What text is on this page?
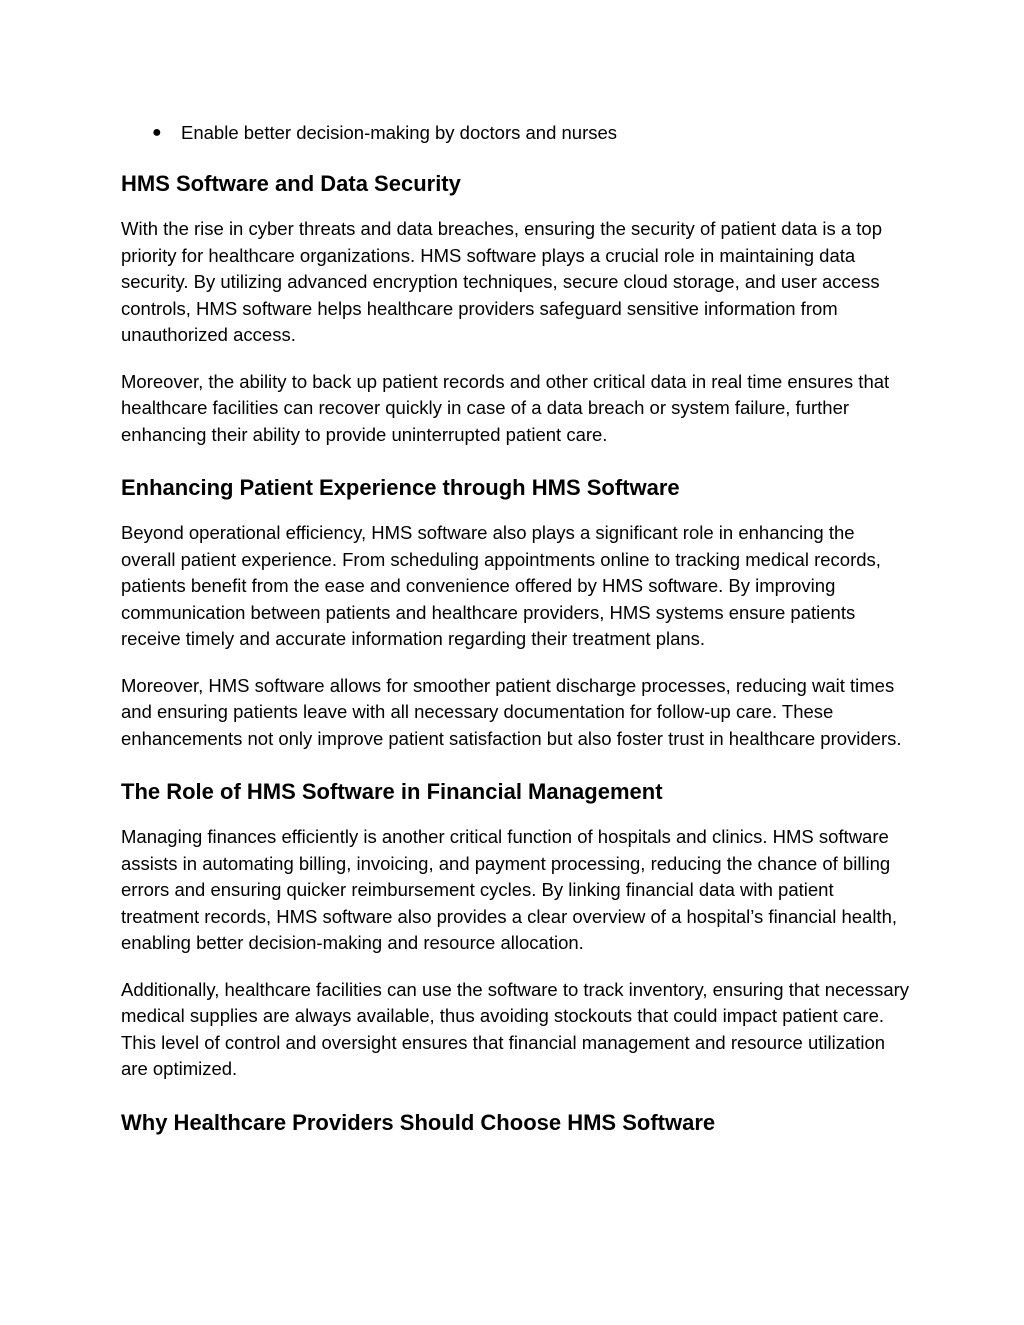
●	Enable better decision-making by doctors and nurses
HMS Software and Data Security

With the rise in cyber threats and data breaches, ensuring the security of patient data is a top priority for healthcare organizations. HMS software plays a crucial role in maintaining data security. By utilizing advanced encryption techniques, secure cloud storage, and user access controls, HMS software helps healthcare providers safeguard sensitive information from unauthorized access.

Moreover, the ability to back up patient records and other critical data in real time ensures that healthcare facilities can recover quickly in case of a data breach or system failure, further enhancing their ability to provide uninterrupted patient care.

Enhancing Patient Experience through HMS Software

Beyond operational efficiency, HMS software also plays a significant role in enhancing the overall patient experience. From scheduling appointments online to tracking medical records, patients benefit from the ease and convenience offered by HMS software. By improving communication between patients and healthcare providers, HMS systems ensure patients receive timely and accurate information regarding their treatment plans.

Moreover, HMS software allows for smoother patient discharge processes, reducing wait times and ensuring patients leave with all necessary documentation for follow-up care. These enhancements not only improve patient satisfaction but also foster trust in healthcare providers.

The Role of HMS Software in Financial Management

Managing finances efficiently is another critical function of hospitals and clinics. HMS software assists in automating billing, invoicing, and payment processing, reducing the chance of billing errors and ensuring quicker reimbursement cycles. By linking financial data with patient treatment records, HMS software also provides a clear overview of a hospital’s financial health, enabling better decision-making and resource allocation.

Additionally, healthcare facilities can use the software to track inventory, ensuring that necessary medical supplies are always available, thus avoiding stockouts that could impact patient care. This level of control and oversight ensures that financial management and resource utilization are optimized.

Why Healthcare Providers Should Choose HMS Software
